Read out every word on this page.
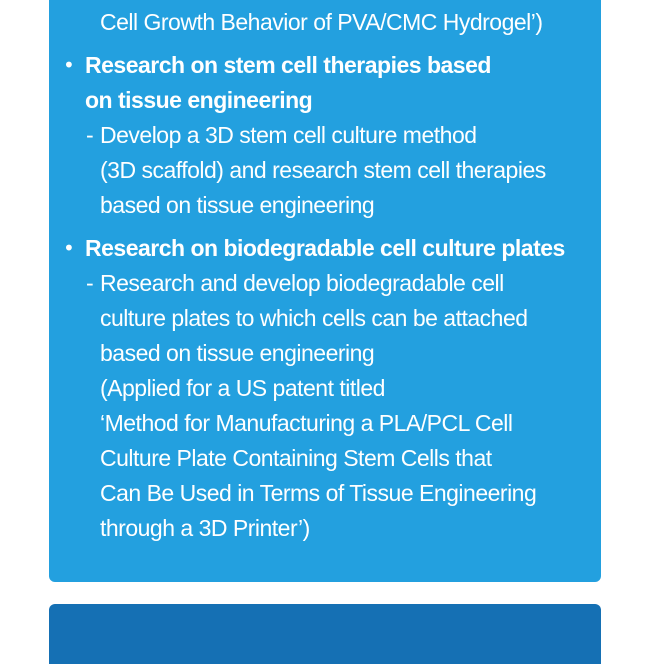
Cell Growth Behavior of PVA/CMC Hydrogel’)
• Research on stem cell therapies based
on tissue engineering
- Develop a 3D stem cell culture method
(3D scaffold) and research stem cell therapies
based on tissue engineering
• Research on biodegradable cell culture plates
- Research and develop biodegradable cell
culture plates to which cells can be attached
based on tissue engineering
(Applied for a US patent titled
‘Method for Manufacturing a PLA/PCL Cell
Culture Plate Containing Stem Cells that
Can Be Used in Terms of Tissue Engineering
through a 3D Printer’)
